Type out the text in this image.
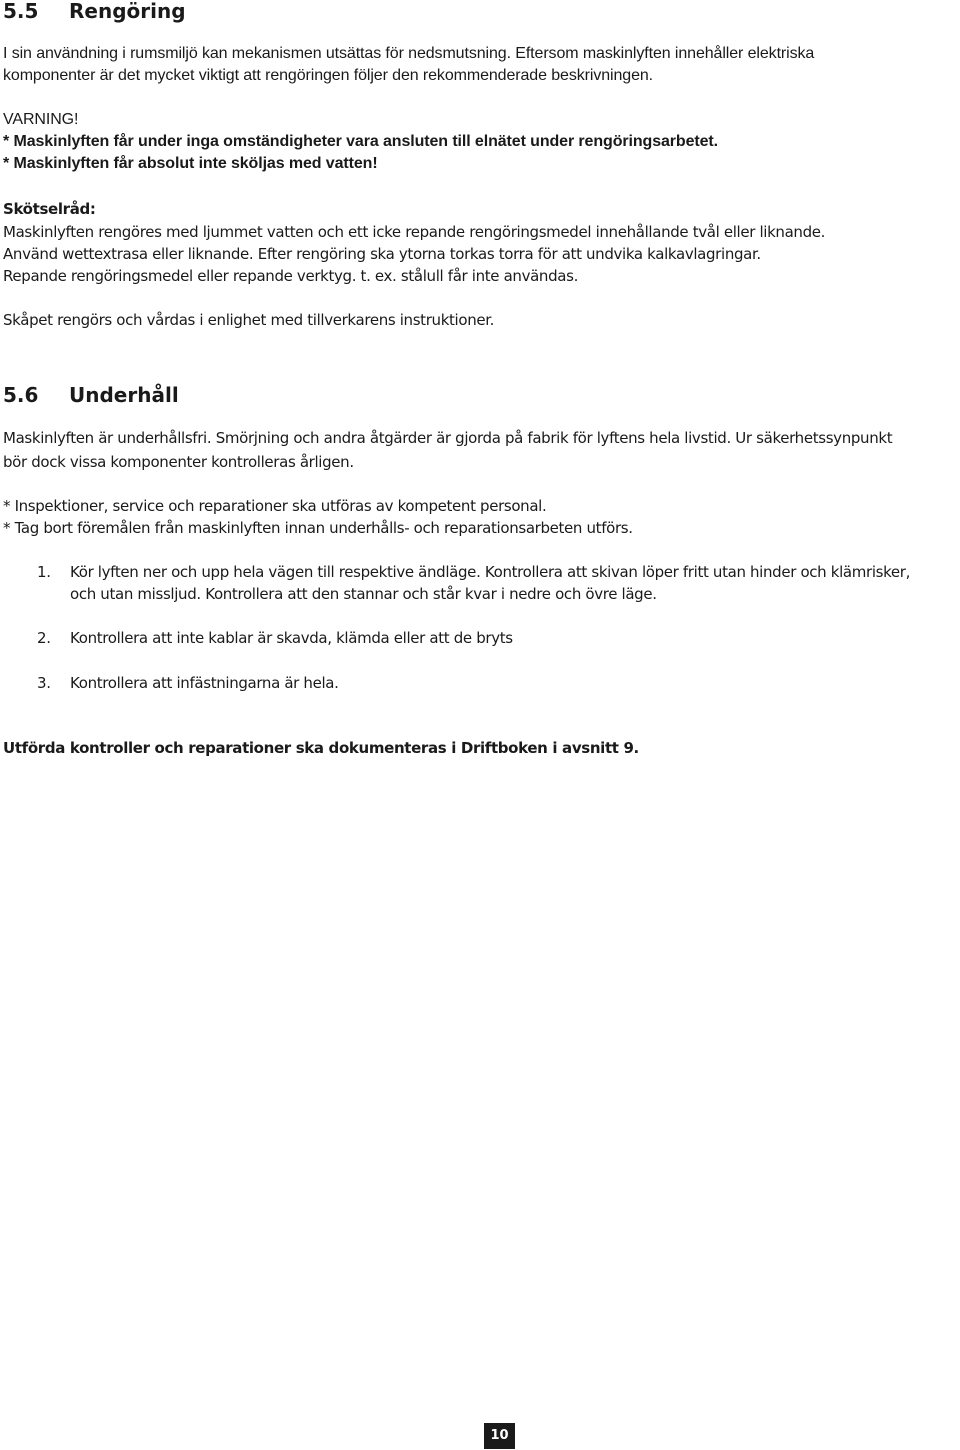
5.5 Rengöring
I sin användning i rumsmiljö kan mekanismen utsättas för nedsmutsning. Eftersom maskinlyften innehåller elektriska
komponenter är det mycket viktigt att rengöringen följer den rekommenderade beskrivningen.
VARNING!
* Maskinlyften får under inga omständigheter vara ansluten till elnätet under rengöringsarbetet.
* Maskinlyften får absolut inte sköljas med vatten!
Skötselråd:
Maskinlyften rengöres med ljummet vatten och ett icke repande rengöringsmedel innehållande tvål eller liknande.
Använd wettextrasa eller liknande. Efter rengöring ska ytorna torkas torra för att undvika kalkavlagringar.
Repande rengöringsmedel eller repande verktyg. t. ex. stålull får inte användas.
Skåpet rengörs och vårdas i enlighet med tillverkarens instruktioner.
5.6 Underhåll
Maskinlyften är underhållsfri. Smörjning och andra åtgärder är gjorda på fabrik för lyftens hela livstid. Ur säkerhetssynpunkt
bör dock vissa komponenter kontrolleras årligen.
* Inspektioner, service och reparationer ska utföras av kompetent personal.
* Tag bort föremålen från maskinlyften innan underhålls- och reparationsarbeten utförs.
1. Kör lyften ner och upp hela vägen till respektive ändläge. Kontrollera att skivan löper fritt utan hinder och klämrisker,
och utan missljud. Kontrollera att den stannar och står kvar i nedre och övre läge.
2. Kontrollera att inte kablar är skavda, klämda eller att de bryts
3. Kontrollera att infästningarna är hela.
Utförda kontroller och reparationer ska dokumenteras i Driftboken i avsnitt 9.
10
